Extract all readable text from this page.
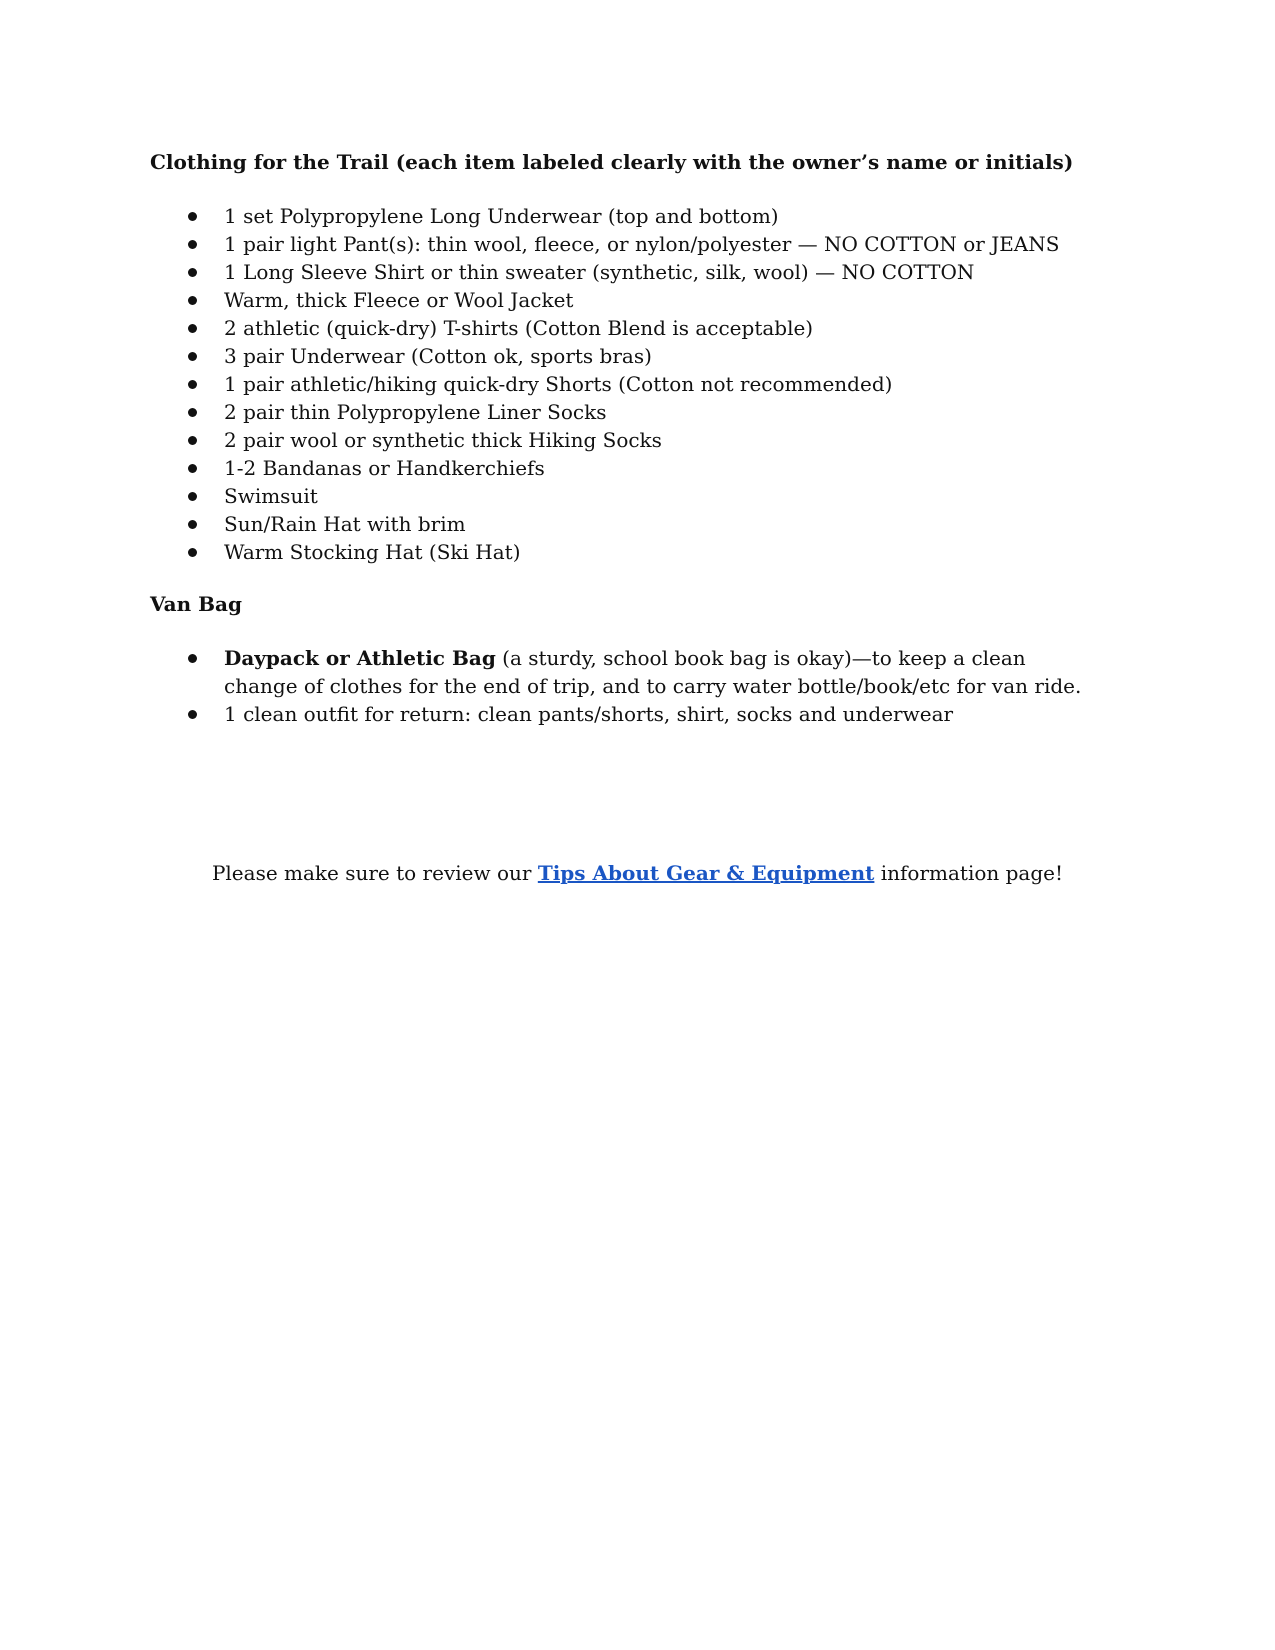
Clothing for the Trail (each item labeled clearly with the owner’s name or initials)
1 set Polypropylene Long Underwear (top and bottom)
1 pair light Pant(s): thin wool, fleece, or nylon/polyester — NO COTTON or JEANS
1 Long Sleeve Shirt or thin sweater (synthetic, silk, wool) — NO COTTON
Warm, thick Fleece or Wool Jacket
2 athletic (quick-dry) T-shirts (Cotton Blend is acceptable)
3 pair Underwear (Cotton ok, sports bras)
1 pair athletic/hiking quick-dry Shorts (Cotton not recommended)
2 pair thin Polypropylene Liner Socks
2 pair wool or synthetic thick Hiking Socks
1-2 Bandanas or Handkerchiefs
Swimsuit
Sun/Rain Hat with brim
Warm Stocking Hat (Ski Hat)
Van Bag
Daypack or Athletic Bag (a sturdy, school book bag is okay)—to keep a clean change of clothes for the end of trip, and to carry water bottle/book/etc for van ride.
1 clean outfit for return: clean pants/shorts, shirt, socks and underwear
Please make sure to review our Tips About Gear & Equipment information page!
